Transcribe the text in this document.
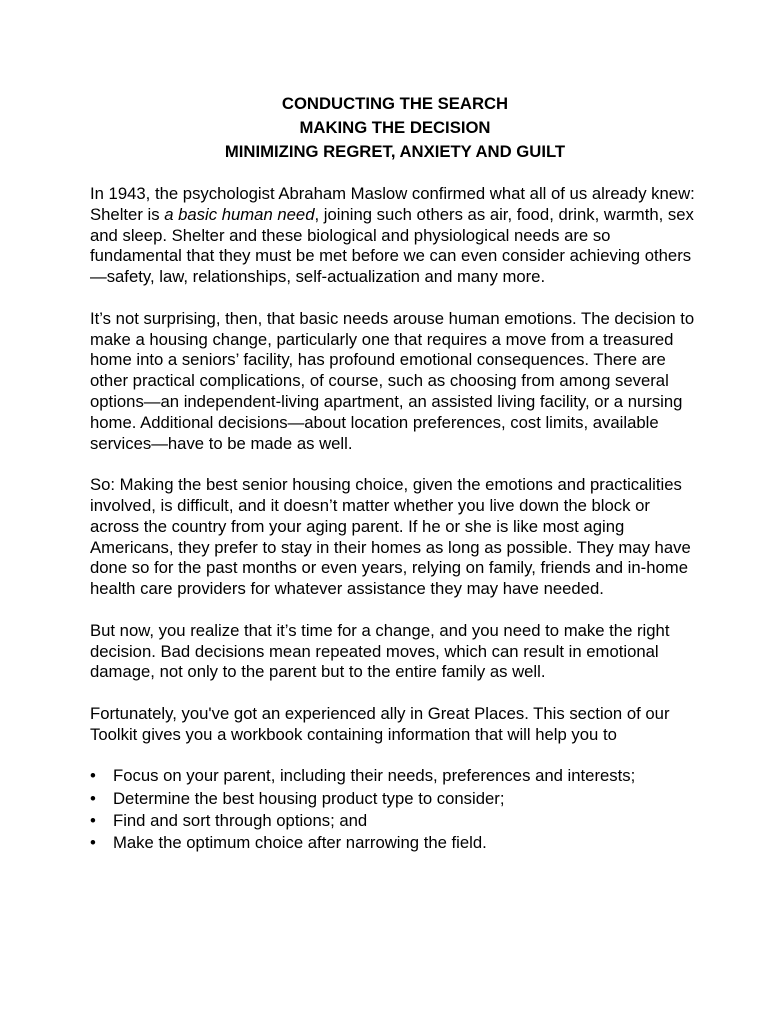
CONDUCTING THE SEARCH
MAKING THE DECISION
MINIMIZING REGRET, ANXIETY AND GUILT

In 1943, the psychologist Abraham Maslow confirmed what all of us already knew: Shelter is a basic human need, joining such others as air, food, drink, warmth, sex and sleep. Shelter and these biological and physiological needs are so fundamental that they must be met before we can even consider achieving others—safety, law, relationships, self-actualization and many more.

It’s not surprising, then, that basic needs arouse human emotions. The decision to make a housing change, particularly one that requires a move from a treasured home into a seniors’ facility, has profound emotional consequences. There are other practical complications, of course, such as choosing from among several options—an independent-living apartment, an assisted living facility, or a nursing home. Additional decisions—about location preferences, cost limits, available services—have to be made as well.

So: Making the best senior housing choice, given the emotions and practicalities involved, is difficult, and it doesn’t matter whether you live down the block or across the country from your aging parent. If he or she is like most aging Americans, they prefer to stay in their homes as long as possible. They may have done so for the past months or even years, relying on family, friends and in-home health care providers for whatever assistance they may have needed.

But now, you realize that it’s time for a change, and you need to make the right decision. Bad decisions mean repeated moves, which can result in emotional damage, not only to the parent but to the entire family as well.

Fortunately, you've got an experienced ally in Great Places. This section of our Toolkit gives you a workbook containing information that will help you to

•	Focus on your parent, including their needs, preferences and interests;
•	Determine the best housing product type to consider;
•	Find and sort through options; and
•	Make the optimum choice after narrowing the field.
